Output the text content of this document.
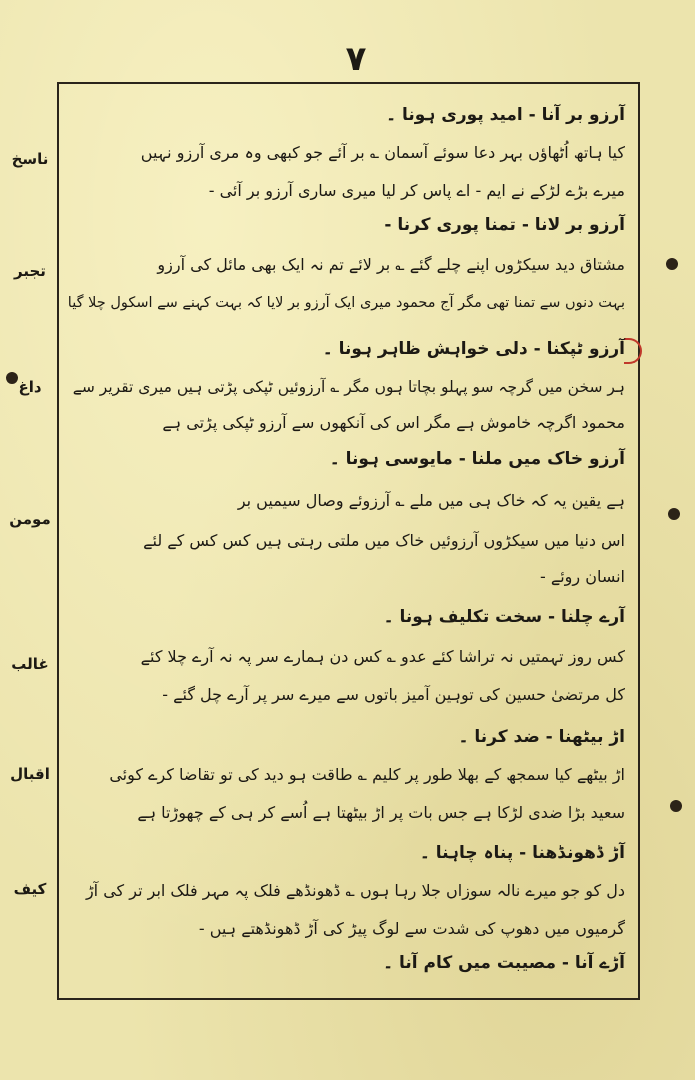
٧
ناسخ
تجبر
داغ
مومن
غالب
اقبال
کیف
آرزو بر آنا - امید پوری ہونا ۔
کیا ہاتھ اُٹھاؤں بہر دعا سوئے آسمان ؎ بر آئے جو کبھی وہ مری آرزو نہیں
میرے بڑے لڑکے نے ایم - اے پاس کر لیا میری ساری آرزو بر آئی -
آرزو بر لانا - تمنا پوری کرنا -
مشتاق دید سیکڑوں اپنے چلے گئے ؎ بر لائے تم نہ ایک بھی مائل کی آرزو
بہت دنوں سے تمنا تھی مگر آج محمود میری ایک آرزو بر لایا کہ بہت کہنے سے اسکول چلا گیا
آرزو ٹپکنا - دلی خواہش ظاہر ہونا ۔
ہر سخن میں گرچہ سو پہلو بچاتا ہوں مگر ؎ آرزوئیں ٹپکی پڑتی ہیں میری تقریر سے
محمود اگرچہ خاموش ہے مگر اس کی آنکھوں سے آرزو ٹپکی پڑتی ہے
آرزو خاک میں ملنا - مایوسی ہونا ۔
ہے یقین یہ کہ خاک ہی میں ملے ؎ آرزوئے وصال سیمیں بر
اس دنیا میں سیکڑوں آرزوئیں خاک میں ملتی رہتی ہیں کس کس کے لئے
انسان روئے -
آرے چلنا - سخت تکلیف ہونا ۔
کس روز تہمتیں نہ تراشا کئے عدو ؎ کس دن ہمارے سر پہ نہ آرے چلا کئے
کل مرتضیٰ حسین کی توہین آمیز باتوں سے میرے سر پر آرے چل گئے -
اڑ بیٹھنا - ضد کرنا ۔
اڑ بیٹھے کیا سمجھ کے بھلا طور پر کلیم ؎ طاقت ہو دید کی تو تقاضا کرے کوئی
سعید بڑا ضدی لڑکا ہے جس بات پر اڑ بیٹھتا ہے اُسے کر ہی کے چھوڑتا ہے
آڑ ڈھونڈھنا - پناہ چاہنا ۔
دل کو جو میرے نالہ سوزاں جلا رہا ہوں ؎ ڈھونڈھے فلک پہ مہر فلک ابر تر کی آڑ
گرمیوں میں دھوپ کی شدت سے لوگ پیڑ کی آڑ ڈھونڈھتے ہیں -
آڑے آنا - مصیبت میں کام آنا ۔
